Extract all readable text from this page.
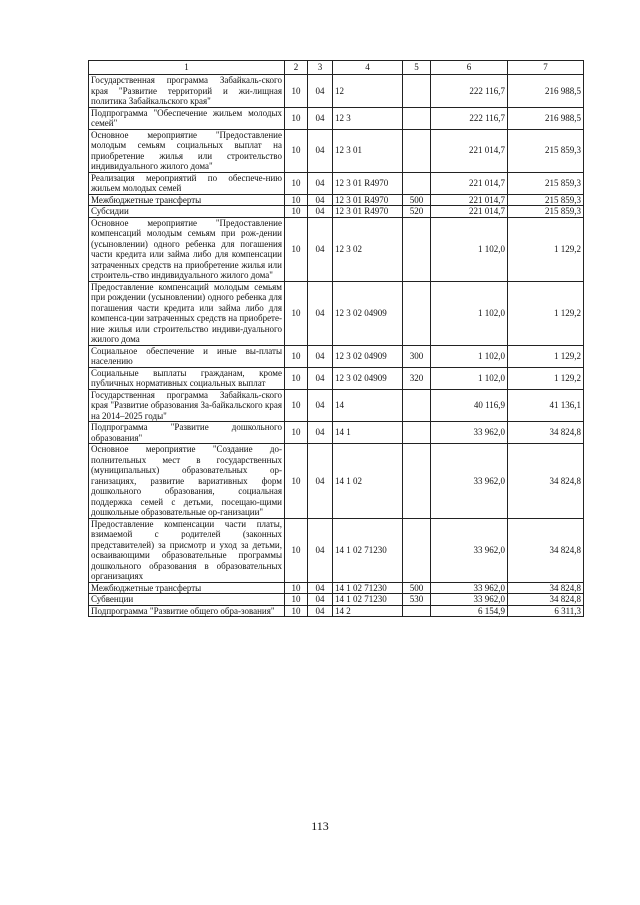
1	2	3	4	5	6	7
Государственная программа Забайкаль-ского края "Развитие территорий и жи-лищная политика Забайкальского края"	10	04	12		222 116,7	216 988,5
Подпрограмма "Обеспечение жильем молодых семей"	10	04	12 3		222 116,7	216 988,5
Основное мероприятие "Предоставление молодым семьям социальных выплат на приобретение жилья или строительство индивидуального жилого дома"	10	04	12 3 01		221 014,7	215 859,3
Реализация мероприятий по обеспече-нию жильем молодых семей	10	04	12 3 01 R4970		221 014,7	215 859,3
Межбюджетные трансферты	10	04	12 3 01 R4970	500	221 014,7	215 859,3
Субсидии	10	04	12 3 01 R4970	520	221 014,7	215 859,3
Основное мероприятие "Предоставление компенсаций молодым семьям при рож-дении (усыновлении) одного ребенка для погашения части кредита или займа либо для компенсации затраченных средств на приобретение жилья или строитель-ство индивидуального жилого дома"	10	04	12 3 02		1 102,0	1 129,2
Предоставление компенсаций молодым семьям при рождении (усыновлении) одного ребенка для погашения части кредита или займа либо для компенса-ции затраченных средств на приобрете-ние жилья или строительство индиви-дуального жилого дома	10	04	12 3 02 04909		1 102,0	1 129,2
Социальное обеспечение и иные вы-платы населению	10	04	12 3 02 04909	300	1 102,0	1 129,2
Социальные выплаты гражданам, кроме публичных нормативных социальных выплат	10	04	12 3 02 04909	320	1 102,0	1 129,2
Государственная программа Забайкаль-ского края "Развитие образования За-байкальского края на 2014–2025 годы"	10	04	14		40 116,9	41 136,1
Подпрограмма "Развитие дошкольного образования"	10	04	14 1		33 962,0	34 824,8
Основное мероприятие "Создание до-полнительных мест в государственных (муниципальных) образовательных ор-ганизациях, развитие вариативных форм дошкольного образования, социальная поддержка семей с детьми, посещаю-щими дошкольные образовательные ор-ганизации"	10	04	14 1 02		33 962,0	34 824,8
Предоставление компенсации части платы, взимаемой с родителей (законных представителей) за присмотр и уход за детьми, осваивающими образовательные программы дошкольного образования в образовательных организациях	10	04	14 1 02 71230		33 962,0	34 824,8
Межбюджетные трансферты	10	04	14 1 02 71230	500	33 962,0	34 824,8
Субвенции	10	04	14 1 02 71230	530	33 962,0	34 824,8
Подпрограмма "Развитие общего обра-зования"	10	04	14 2		6 154,9	6 311,3
113
